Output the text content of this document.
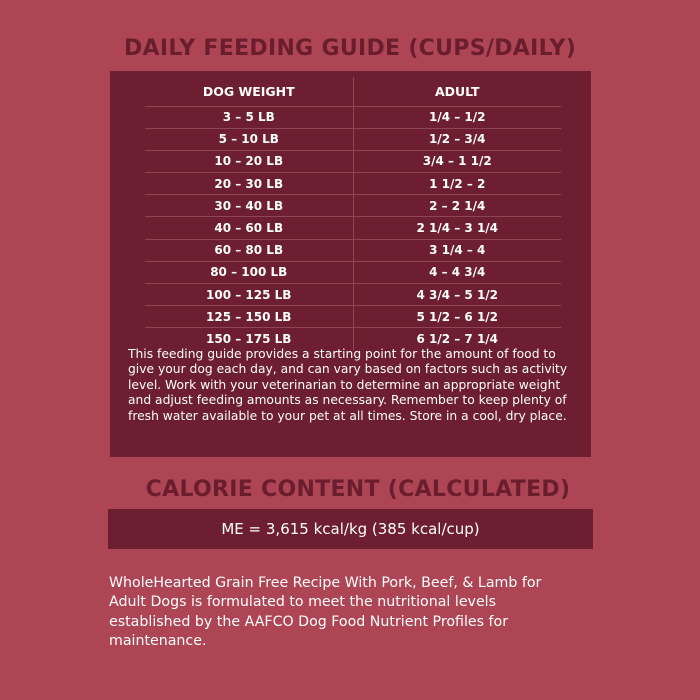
DAILY FEEDING GUIDE (CUPS/DAILY)
DOG WEIGHT	ADULT
3 – 5 LB	1/4 – 1/2
5 – 10 LB	1/2 – 3/4
10 – 20 LB	3/4 – 1 1/2
20 – 30 LB	1 1/2 – 2
30 – 40 LB	2 – 2 1/4
40 – 60 LB	2 1/4 – 3 1/4
60 – 80 LB	3 1/4 – 4
80 – 100 LB	4 – 4 3/4
100 – 125 LB	4 3/4 – 5 1/2
125 – 150 LB	5 1/2 – 6 1/2
150 – 175 LB	6 1/2 – 7 1/4

This feeding guide provides a starting point for the amount of food to give your dog each day, and can vary based on factors such as activity level. Work with your veterinarian to determine an appropriate weight and adjust feeding amounts as necessary. Remember to keep plenty of fresh water available to your pet at all times. Store in a cool, dry place.

CALORIE CONTENT (CALCULATED)
ME = 3,615 kcal/kg (385 kcal/cup)

WholeHearted Grain Free Recipe With Pork, Beef, & Lamb for Adult Dogs is formulated to meet the nutritional levels established by the AAFCO Dog Food Nutrient Profiles for maintenance.
